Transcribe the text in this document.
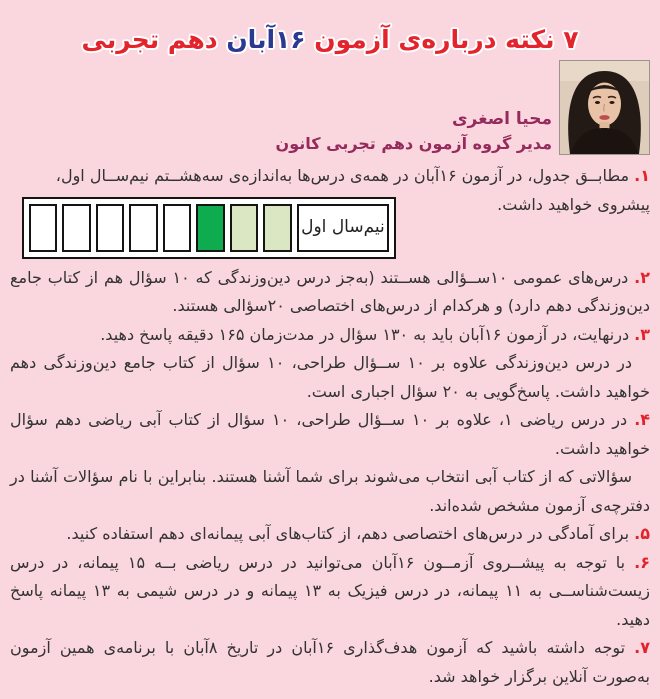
۷ نکته درباره‌ی آزمون ۱۶آبان دهم تجربی
محیا اصغری
مدیر گروه آزمون دهم تجربی کانون

۱. مطابــق جدول، در آزمون ۱۶آبان در همه‌ی درس‌ها به‌اندازه‌ی سه‌هشــتم نیم‌ســال اول،

پیشروی خواهید داشت.

نیم‌سال اول

۲. درس‌های عمومی ۱۰ســؤالی هســتند (به‌جز درس دین‌وزندگی که ۱۰ سؤال هم از کتاب جامع دین‌وزندگی دهم دارد) و هرکدام از درس‌های اختصاصی ۲۰سؤالی هستند.

۳. درنهایت، در آزمون ۱۶آبان باید به ۱۳۰ سؤال در مدت‌زمان ۱۶۵ دقیقه پاسخ دهید.

در درس دین‌وزندگی علاوه بر ۱۰ ســؤال طراحی، ۱۰ سؤال از کتاب جامع دین‌وزندگی دهم خواهید داشت. پاسخ‌گویی به ۲۰ سؤال اجباری است.

۴. در درس ریاضی ۱، علاوه بر ۱۰ ســؤال طراحی، ۱۰ سؤال از کتاب آبی ریاضی دهم سؤال خواهید داشت.

سؤالاتی که از کتاب آبی انتخاب می‌شوند برای شما آشنا هستند. بنابراین با نام سؤالات آشنا در دفترچه‌ی آزمون مشخص شده‌اند.

۵. برای آمادگی در درس‌های اختصاصی دهم، از کتاب‌های آبی پیمانه‌ای دهم استفاده کنید.

۶. با توجه به پیشــروی آزمــون ۱۶آبان می‌توانید در درس ریاضی بــه ۱۵ پیمانه، در درس زیست‌شناســی به ۱۱ پیمانه، در درس فیزیک به ۱۳ پیمانه و در درس شیمی به ۱۳ پیمانه پاسخ دهید.

۷. توجه داشته باشید که آزمون هدف‌گذاری ۱۶آبان در تاریخ ۸آبان با برنامه‌ی همین آزمون به‌صورت آنلاین برگزار خواهد شد.
